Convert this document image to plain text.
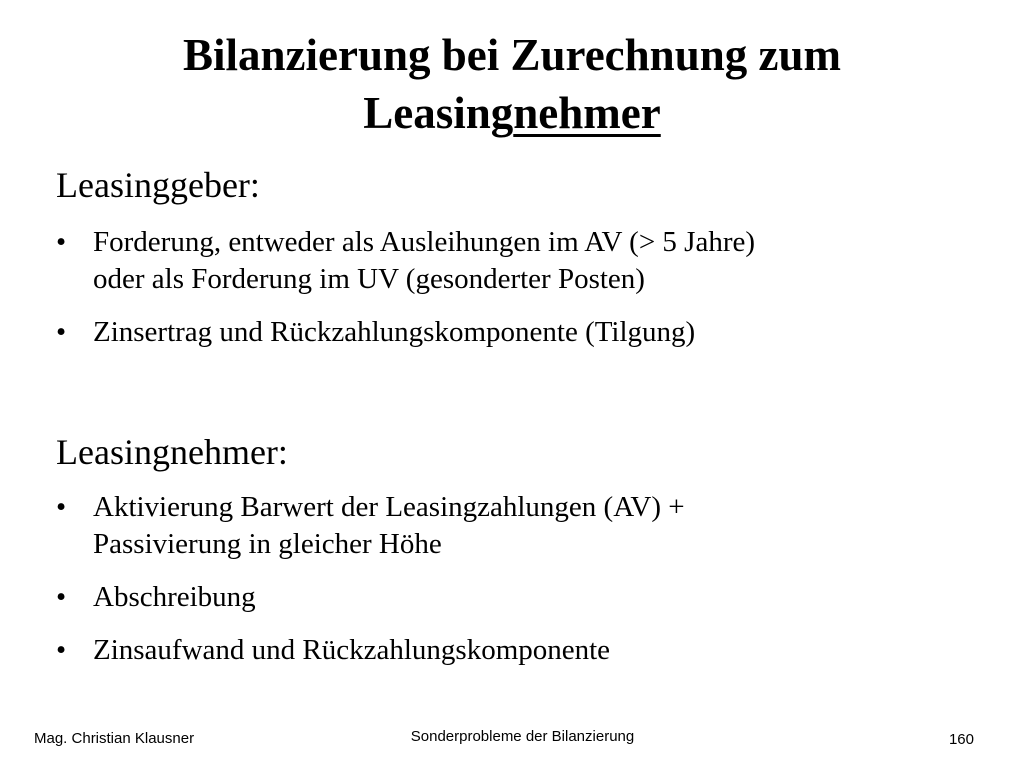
Bilanzierung bei Zurechnung zum
Leasingnehmer
Leasinggeber:
• Forderung, entweder als Ausleihungen im AV (> 5 Jahre)
oder als Forderung im UV (gesonderter Posten)
• Zinsertrag und Rückzahlungskomponente (Tilgung)
Leasingnehmer:
• Aktivierung Barwert der Leasingzahlungen (AV) +
Passivierung in gleicher Höhe
• Abschreibung
• Zinsaufwand und Rückzahlungskomponente
Mag. Christian Klausner	Sonderprobleme der Bilanzierung	160
